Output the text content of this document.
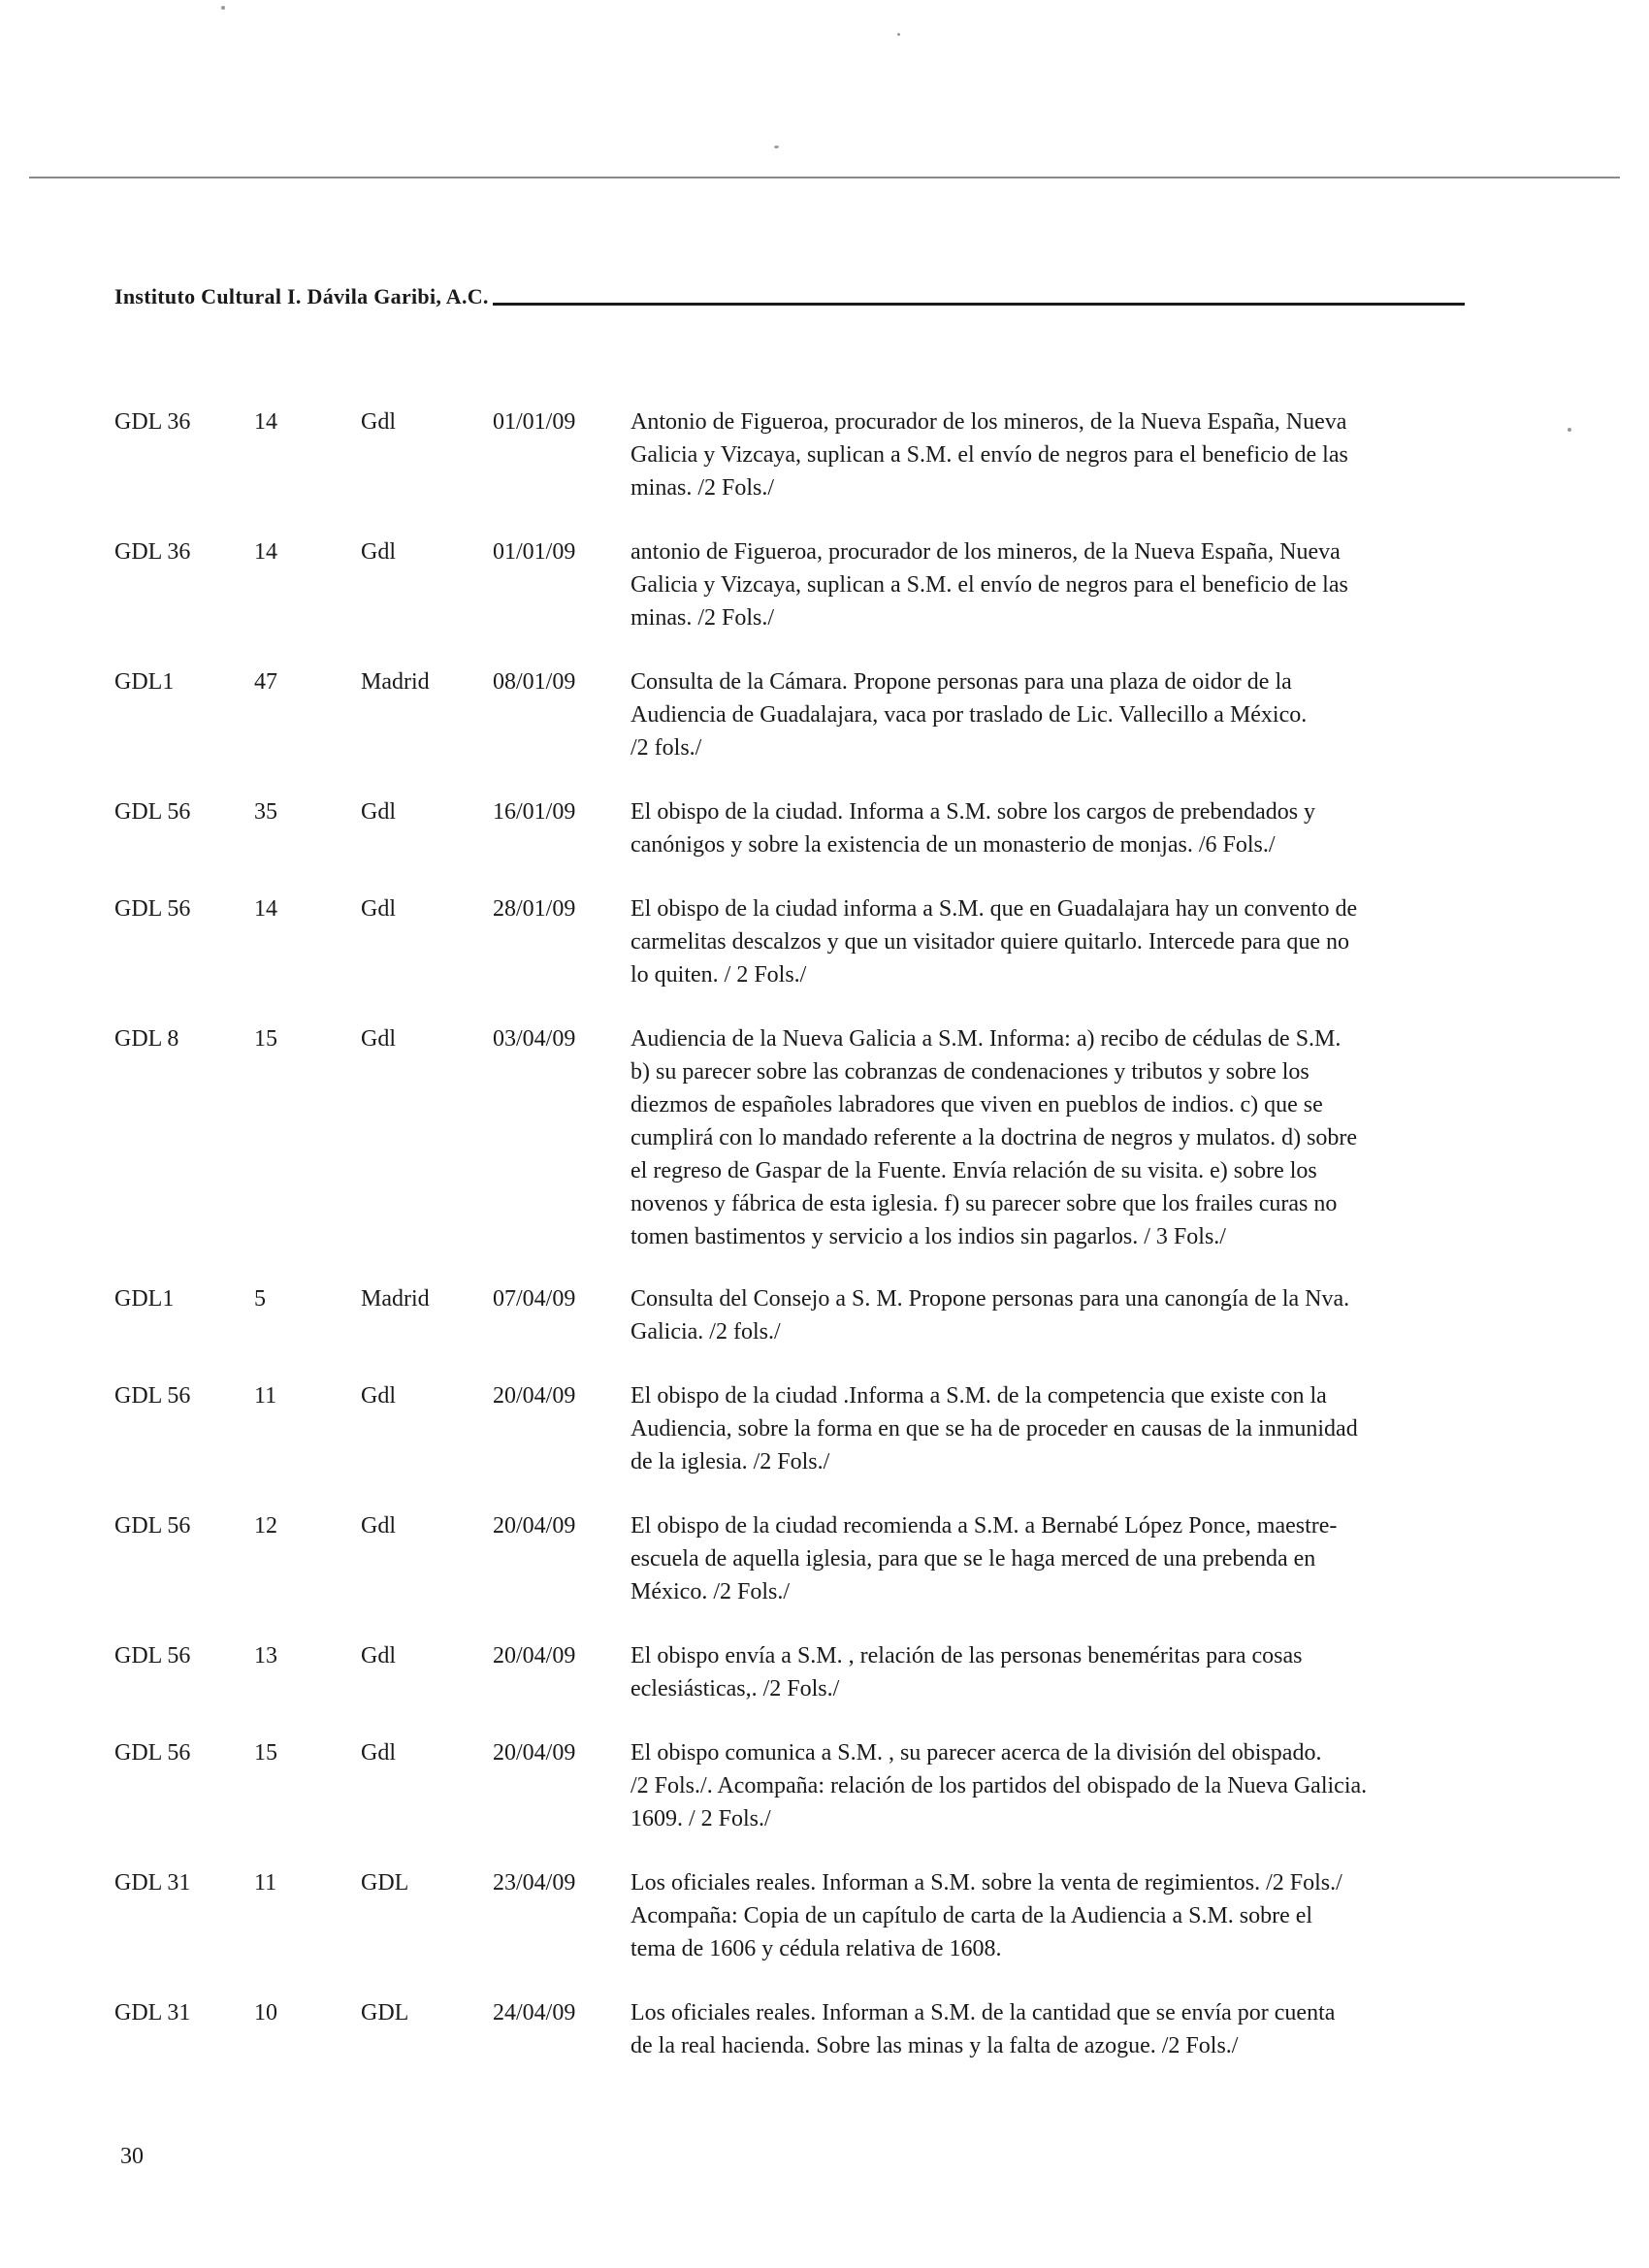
Instituto Cultural I. Dávila Garibi, A.C.
GDL 36	14	Gdl	01/01/09 Antonio de Figueroa, procurador de los mineros, de la Nueva España, Nueva
Galicia y Vizcaya, suplican a S.M. el envío de negros para el beneficio de las
minas. /2 Fols./
GDL 36	14	Gdl	01/01/09 antonio de Figueroa, procurador de los mineros, de la Nueva España, Nueva
Galicia y Vizcaya, suplican a S.M. el envío de negros para el beneficio de las
minas. /2 Fols./
GDL1	47	Madrid	08/01/09 Consulta de la Cámara. Propone personas para una plaza de oidor de la
Audiencia de Guadalajara, vaca por traslado de Lic. Vallecillo a México.
/2 fols./
GDL 56	35	Gdl	16/01/09 El obispo de la ciudad. Informa a S.M. sobre los cargos de prebendados y
canónigos y sobre la existencia de un monasterio de monjas. /6 Fols./
GDL 56	14	Gdl	28/01/09 El obispo de la ciudad informa a S.M. que en Guadalajara hay un convento de
carmelitas descalzos y que un visitador quiere quitarlo. Intercede para que no
lo quiten. / 2 Fols./
GDL 8	15	Gdl	03/04/09 Audiencia de la Nueva Galicia a S.M. Informa: a) recibo de cédulas de S.M.
b) su parecer sobre las cobranzas de condenaciones y tributos y sobre los
diezmos de españoles labradores que viven en pueblos de indios. c) que se
cumplirá con lo mandado referente a la doctrina de negros y mulatos. d) sobre
el regreso de Gaspar de la Fuente. Envía relación de su visita. e) sobre los
novenos y fábrica de esta iglesia. f) su parecer sobre que los frailes curas no
tomen bastimentos y servicio a los indios sin pagarlos. / 3 Fols./
GDL1	5	Madrid	07/04/09 Consulta del Consejo a S. M. Propone personas para una canongía de la Nva.
Galicia. /2 fols./
GDL 56	11	Gdl	20/04/09 El obispo de la ciudad .Informa a S.M. de la competencia que existe con la
Audiencia, sobre la forma en que se ha de proceder en causas de la inmunidad
de la iglesia. /2 Fols./
GDL 56	12	Gdl	20/04/09 El obispo de la ciudad recomienda a S.M. a Bernabé López Ponce, maestre-
escuela de aquella iglesia, para que se le haga merced de una prebenda en
México. /2 Fols./
GDL 56	13	Gdl	20/04/09 El obispo envía a S.M. , relación de las personas beneméritas para cosas
eclesiásticas,. /2 Fols./
GDL 56	15	Gdl	20/04/09 El obispo comunica a S.M. , su parecer acerca de la división del obispado.
/2 Fols./. Acompaña: relación de los partidos del obispado de la Nueva Galicia.
1609. / 2 Fols./
GDL 31	11	GDL	23/04/09 Los oficiales reales. Informan a S.M. sobre la venta de regimientos. /2 Fols./
Acompaña: Copia de un capítulo de carta de la Audiencia a S.M. sobre el
tema de 1606 y cédula relativa de 1608.
GDL 31	10	GDL	24/04/09 Los oficiales reales. Informan a S.M. de la cantidad que se envía por cuenta
de la real hacienda. Sobre las minas y la falta de azogue. /2 Fols./
30
